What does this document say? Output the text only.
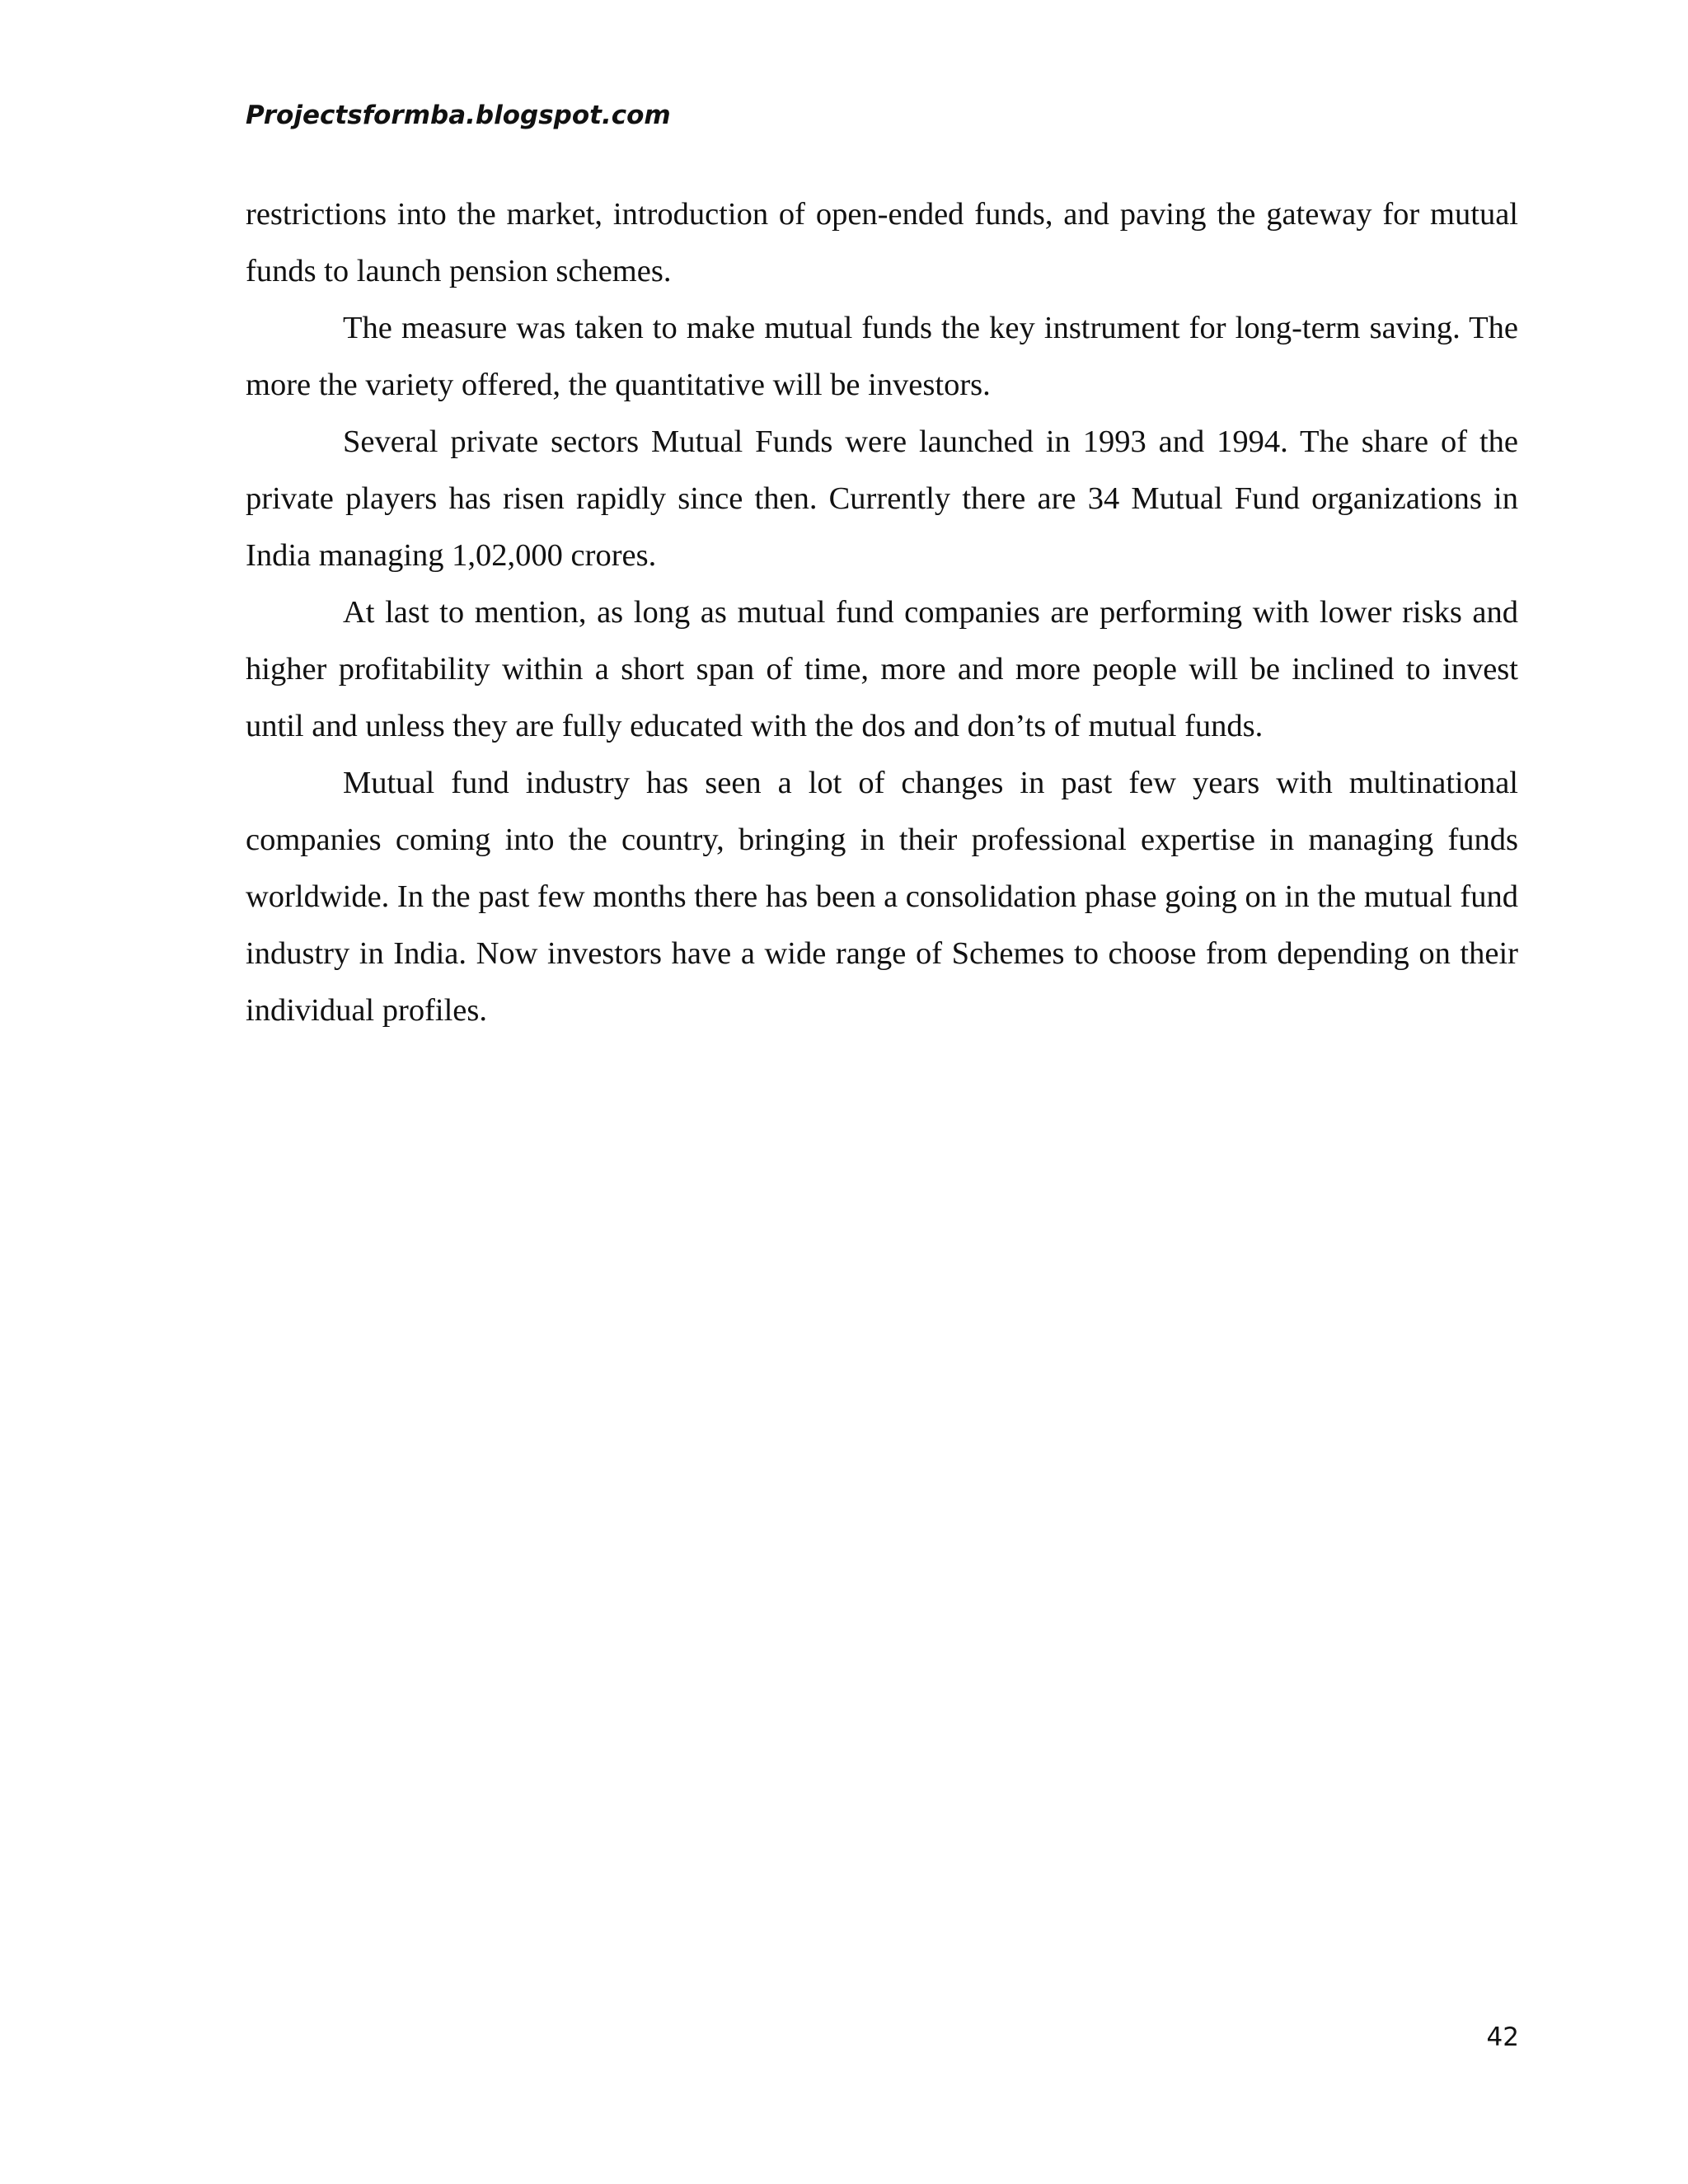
Projectsformba.blogspot.com

restrictions into the market, introduction of open-ended funds, and paving the gateway for mutual funds to launch pension schemes.

The measure was taken to make mutual funds the key instrument for long-term saving. The more the variety offered, the quantitative will be investors.

Several private sectors Mutual Funds were launched in 1993 and 1994. The share of the private players has risen rapidly since then. Currently there are 34 Mutual Fund organizations in India managing 1,02,000 crores.

At last to mention, as long as mutual fund companies are performing with lower risks and higher profitability within a short span of time, more and more people will be inclined to invest until and unless they are fully educated with the dos and don’ts of mutual funds.

Mutual fund industry has seen a lot of changes in past few years with multinational companies coming into the country, bringing in their professional expertise in managing funds worldwide. In the past few months there has been a consolidation phase going on in the mutual fund industry in India. Now investors have a wide range of Schemes to choose from depending on their individual profiles.

42
